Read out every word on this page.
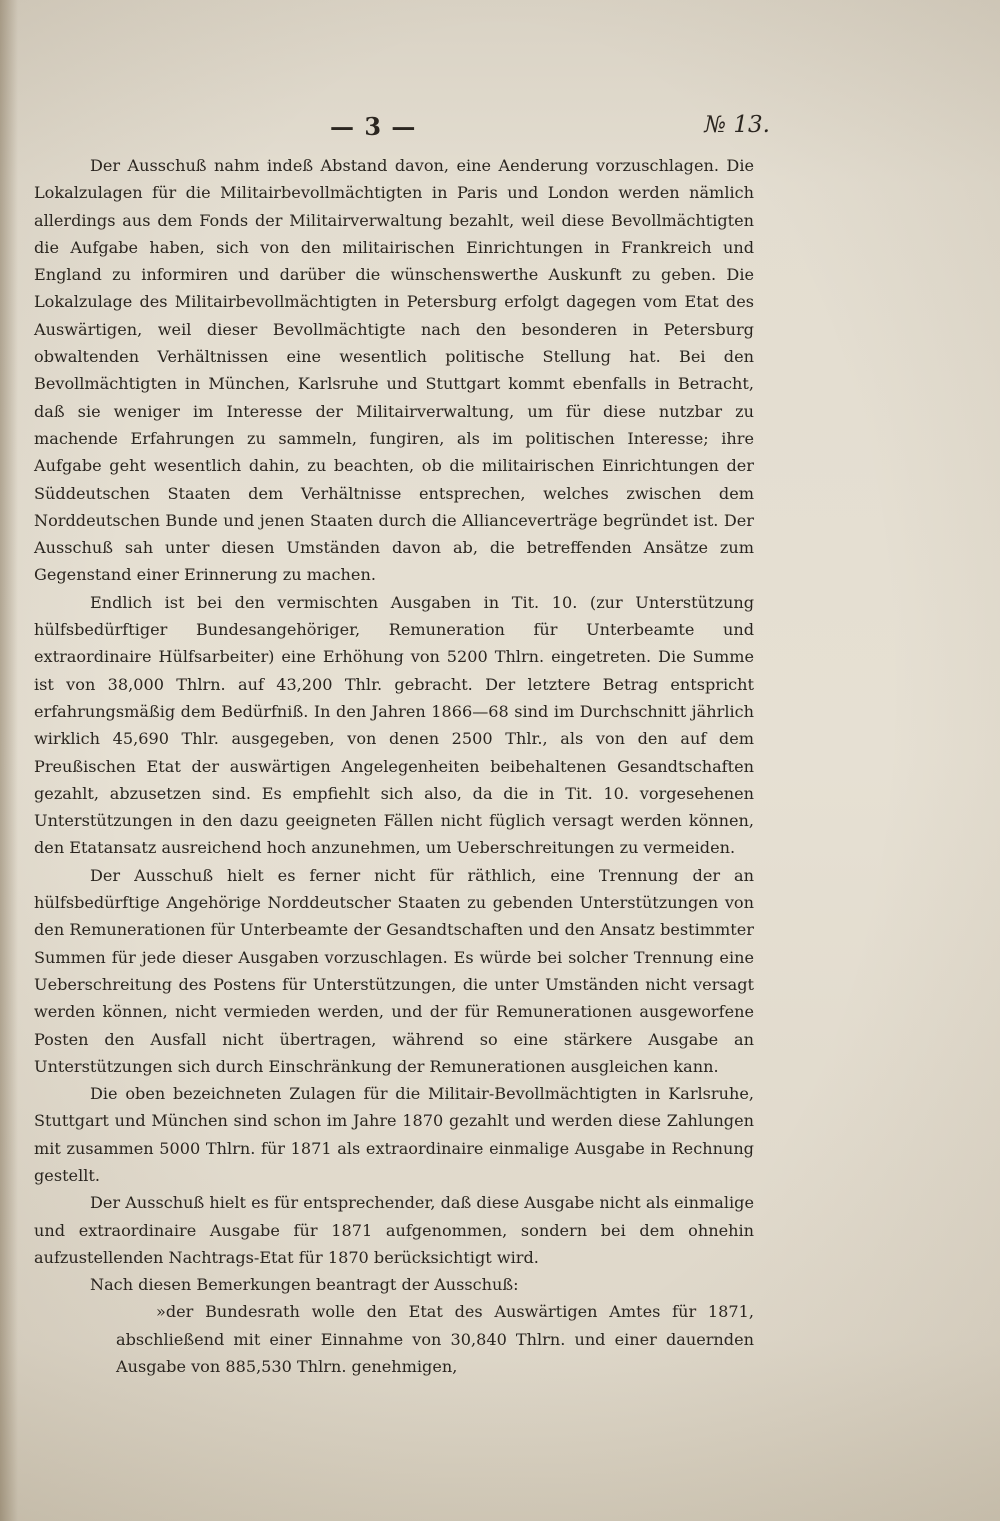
— 3 —	№ 13.

Der Ausschuß nahm indeß Abstand davon, eine Aenderung vorzuschlagen. Die Lokalzulagen für die Militairbevollmächtigten in Paris und London werden nämlich allerdings aus dem Fonds der Militairverwaltung bezahlt, weil diese Bevollmächtigten die Aufgabe haben, sich von den militairischen Einrichtungen in Frankreich und England zu informiren und darüber die wünschenswerthe Auskunft zu geben. Die Lokalzulage des Militairbevollmächtigten in Petersburg erfolgt dagegen vom Etat des Auswärtigen, weil dieser Bevollmächtigte nach den besonderen in Petersburg obwaltenden Verhältnissen eine wesentlich politische Stellung hat. Bei den Bevollmächtigten in München, Karlsruhe und Stuttgart kommt ebenfalls in Betracht, daß sie weniger im Interesse der Militairverwaltung, um für diese nutzbar zu machende Erfahrungen zu sammeln, fungiren, als im politischen Interesse; ihre Aufgabe geht wesentlich dahin, zu beachten, ob die militairischen Einrichtungen der Süddeutschen Staaten dem Verhältnisse entsprechen, welches zwischen dem Norddeutschen Bunde und jenen Staaten durch die Allianceverträge begründet ist. Der Ausschuß sah unter diesen Umständen davon ab, die betreffenden Ansätze zum Gegenstand einer Erinnerung zu machen.

Endlich ist bei den vermischten Ausgaben in Tit. 10. (zur Unterstützung hülfsbedürftiger Bundesangehöriger, Remuneration für Unterbeamte und extraordinaire Hülfsarbeiter) eine Erhöhung von 5200 Thlrn. eingetreten. Die Summe ist von 38,000 Thlrn. auf 43,200 Thlr. gebracht. Der letztere Betrag entspricht erfahrungsmäßig dem Bedürfniß. In den Jahren 1866—68 sind im Durchschnitt jährlich wirklich 45,690 Thlr. ausgegeben, von denen 2500 Thlr., als von den auf dem Preußischen Etat der auswärtigen Angelegenheiten beibehaltenen Gesandtschaften gezahlt, abzusetzen sind. Es empfiehlt sich also, da die in Tit. 10. vorgesehenen Unterstützungen in den dazu geeigneten Fällen nicht füglich versagt werden können, den Etatansatz ausreichend hoch anzunehmen, um Ueberschreitungen zu vermeiden.

Der Ausschuß hielt es ferner nicht für räthlich, eine Trennung der an hülfsbedürftige Angehörige Norddeutscher Staaten zu gebenden Unterstützungen von den Remunerationen für Unterbeamte der Gesandtschaften und den Ansatz bestimmter Summen für jede dieser Ausgaben vorzuschlagen. Es würde bei solcher Trennung eine Ueberschreitung des Postens für Unterstützungen, die unter Umständen nicht versagt werden können, nicht vermieden werden, und der für Remunerationen ausgeworfene Posten den Ausfall nicht übertragen, während so eine stärkere Ausgabe an Unterstützungen sich durch Einschränkung der Remunerationen ausgleichen kann.

Die oben bezeichneten Zulagen für die Militair-Bevollmächtigten in Karlsruhe, Stuttgart und München sind schon im Jahre 1870 gezahlt und werden diese Zahlungen mit zusammen 5000 Thlrn. für 1871 als extraordinaire einmalige Ausgabe in Rechnung gestellt.

Der Ausschuß hielt es für entsprechender, daß diese Ausgabe nicht als einmalige und extraordinaire Ausgabe für 1871 aufgenommen, sondern bei dem ohnehin aufzustellenden Nachtrags-Etat für 1870 berücksichtigt wird.

Nach diesen Bemerkungen beantragt der Ausschuß:

»der Bundesrath wolle den Etat des Auswärtigen Amtes für 1871, abschließend mit einer Einnahme von 30,840 Thlrn. und einer dauernden Ausgabe von 885,530 Thlrn. genehmigen,
